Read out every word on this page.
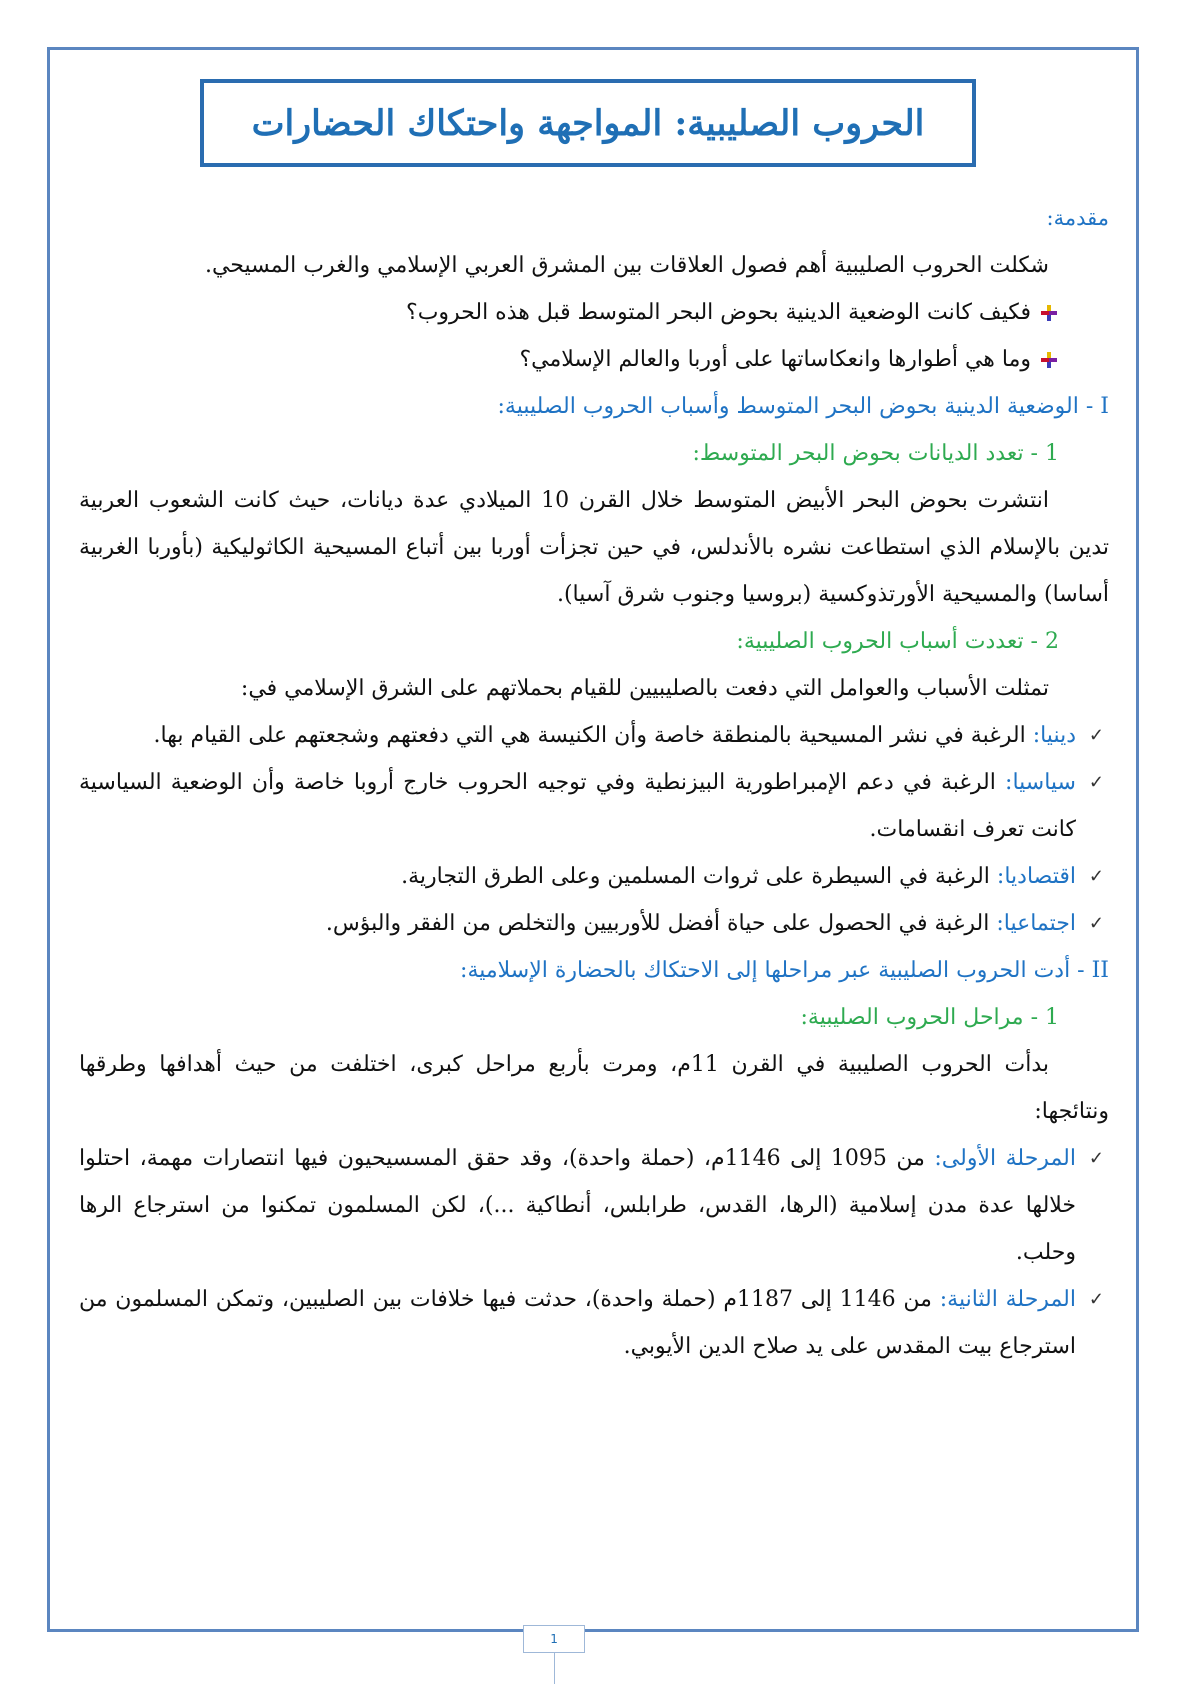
الحروب الصليبية: المواجهة واحتكاك الحضارات

مقدمة:

شكلت الحروب الصليبية أهم فصول العلاقات بين المشرق العربي الإسلامي والغرب المسيحي.

فكيف كانت الوضعية الدينية بحوض البحر المتوسط قبل هذه الحروب؟

وما هي أطوارها وانعكاساتها على أوربا والعالم الإسلامي؟

I - الوضعية الدينية بحوض البحر المتوسط وأسباب الحروب الصليبية:

1 - تعدد الديانات بحوض البحر المتوسط:

انتشرت بحوض البحر الأبيض المتوسط خلال القرن 10 الميلادي عدة ديانات، حيث كانت الشعوب العربية تدين بالإسلام الذي استطاعت نشره بالأندلس، في حين تجزأت أوربا بين أتباع المسيحية الكاثوليكية (بأوربا الغربية أساسا) والمسيحية الأورتذوكسية (بروسيا وجنوب شرق آسيا).

2 - تعددت أسباب الحروب الصليبية:

تمثلت الأسباب والعوامل التي دفعت بالصليبيين للقيام بحملاتهم على الشرق الإسلامي في:

✓
دينيا: الرغبة في نشر المسيحية بالمنطقة خاصة وأن الكنيسة هي التي دفعتهم وشجعتهم على القيام بها.
✓
سياسيا: الرغبة في دعم الإمبراطورية البيزنطية وفي توجيه الحروب خارج أروبا خاصة وأن الوضعية السياسية كانت تعرف انقسامات.
✓
اقتصاديا: الرغبة في السيطرة على ثروات المسلمين وعلى الطرق التجارية.
✓
اجتماعيا: الرغبة في الحصول على حياة أفضل للأوربيين والتخلص من الفقر والبؤس.

II - أدت الحروب الصليبية عبر مراحلها إلى الاحتكاك بالحضارة الإسلامية:

1 - مراحل الحروب الصليبية:

بدأت الحروب الصليبية في القرن 11م، ومرت بأربع مراحل كبرى، اختلفت من حيث أهدافها وطرقها ونتائجها:

✓
المرحلة الأولى: من 1095 إلى 1146م، (حملة واحدة)، وقد حقق المسسيحيون فيها انتصارات مهمة، احتلوا خلالها عدة مدن إسلامية (الرها، القدس، طرابلس، أنطاكية ...)، لكن المسلمون تمكنوا من استرجاع الرها وحلب.
✓
المرحلة الثانية: من 1146 إلى 1187م (حملة واحدة)، حدثت فيها خلافات بين الصليبين، وتمكن المسلمون من استرجاع بيت المقدس على يد صلاح الدين الأيوبي.
1
